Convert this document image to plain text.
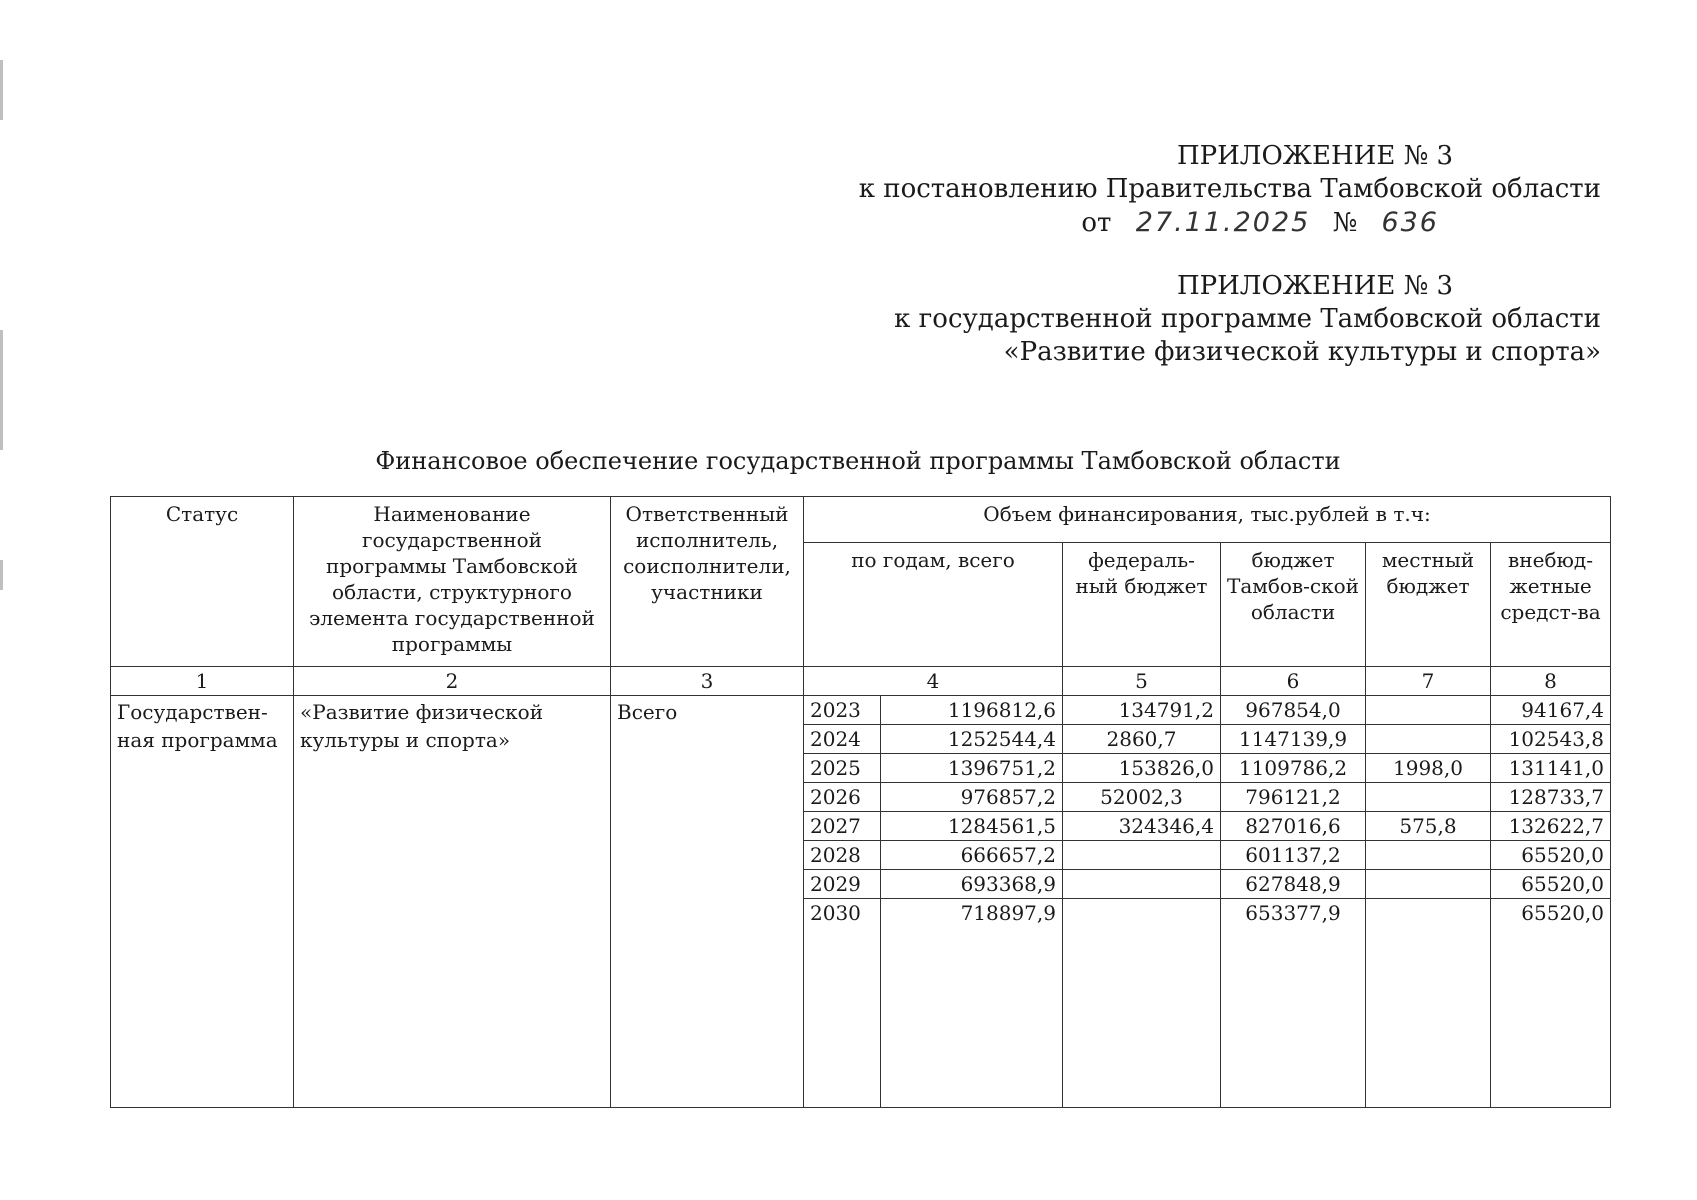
ПРИЛОЖЕНИЕ № 3
к постановлению Правительства Тамбовской области
от 27.11.2025 № 636
ПРИЛОЖЕНИЕ № 3
к государственной программе Тамбовской области
«Развитие физической культуры и спорта»
Финансовое обеспечение государственной программы Тамбовской области
Статус	Наименование государственной программы Тамбовской области, структурного элемента государственной программы	Ответственный исполнитель, соисполнители, участники	Объем финансирования, тыс.рублей в т.ч:					
			по годам, всего		федераль-ный бюджет	бюджет Тамбов-ской области	местный бюджет	внебюд-жетные средст-ва
1	2	3	4		5	6	7	8
Государствен-ная программа	«Развитие физической культуры и спорта»	Всего	2023	1196812,6	134791,2	967854,0		94167,4
			2024	1252544,4	2860,7	1147139,9		102543,8
			2025	1396751,2	153826,0	1109786,2	1998,0	131141,0
			2026	976857,2	52002,3	796121,2		128733,7
			2027	1284561,5	324346,4	827016,6	575,8	132622,7
			2028	666657,2		601137,2		65520,0
			2029	693368,9		627848,9		65520,0
			2030	718897,9		653377,9		65520,0
